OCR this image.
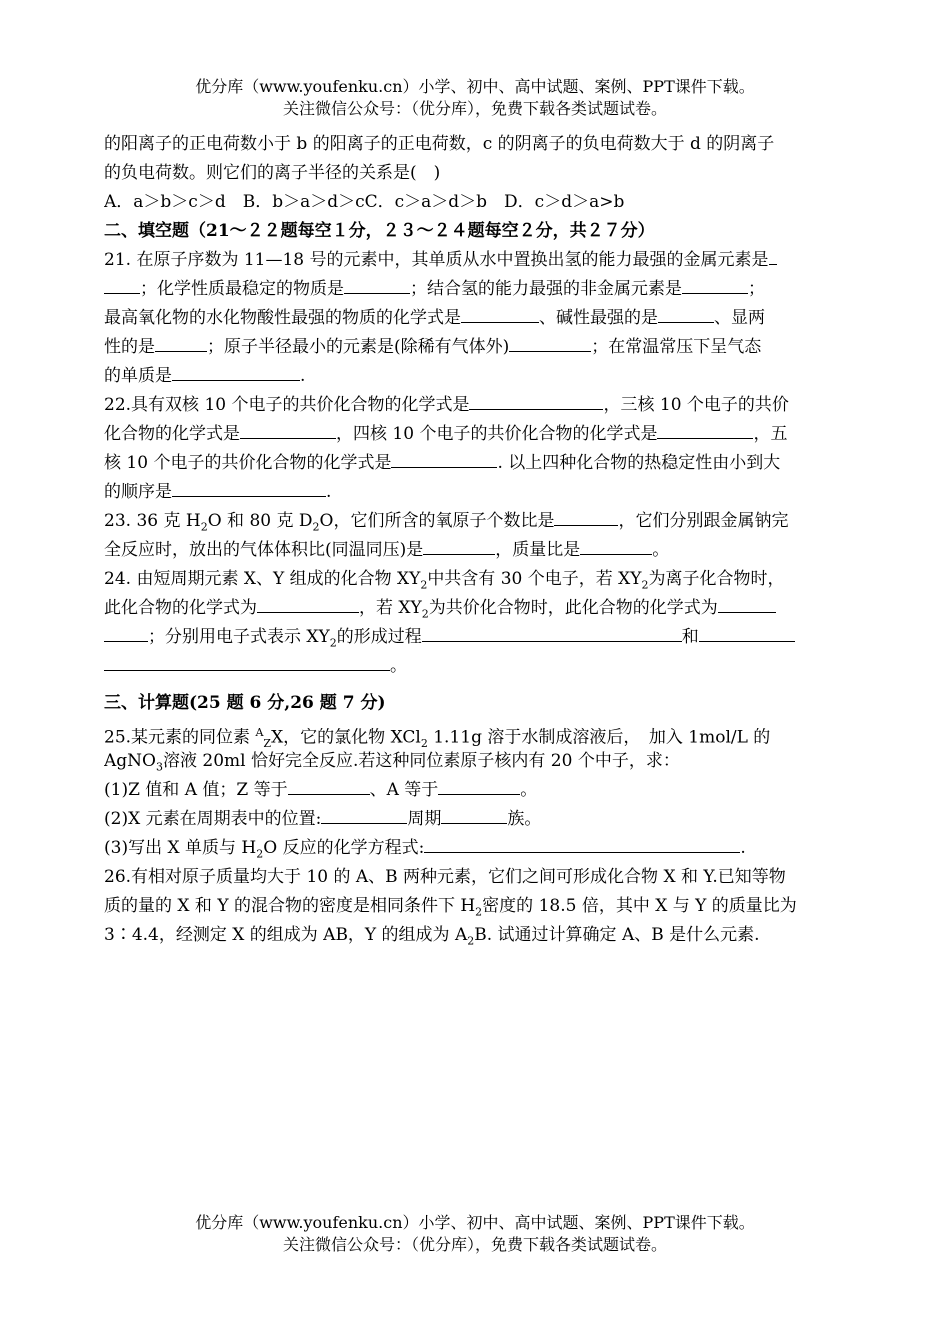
优分库（www.youfenku.cn）小学、初中、高中试题、案例、PPT课件下载。
关注微信公众号：（优分库），免费下载各类试题试卷。
的阳离子的正电荷数小于 b 的阳离子的正电荷数，c 的阴离子的负电荷数大于 d 的阴离子
的负电荷数。则它们的离子半径的关系是(　)
A．a＞b＞c＞d　B．b＞a＞d＞cC．c＞a＞d＞b　D．c＞d＞a>b
二、填空题（21～２２题每空１分，２３～２４题每空２分，共２７分）
21. 在原子序数为 11—18 号的元素中，其单质从水中置换出氢的能力最强的金属元素是
；化学性质最稳定的物质是	；结合氢的能力最强的非金属元素是	；
最高氧化物的水化物酸性最强的物质的化学式是	、碱性最强的是	、显两
性的是	；原子半径最小的元素是(除稀有气体外)	；在常温常压下呈气态
的单质是	.
22.具有双核 10 个电子的共价化合物的化学式是	，三核 10 个电子的共价
化合物的化学式是	，四核 10 个电子的共价化合物的化学式是	，五
核 10 个电子的共价化合物的化学式是	. 以上四种化合物的热稳定性由小到大
的顺序是	.
23. 36 克 $H_2O$ 和 80 克 $D_2O$，它们所含的氧原子个数比是	，它们分别跟金属钠完
全反应时，放出的气体体积比(同温同压)是	，质量比是	。
24. 由短周期元素 X、Y 组成的化合物 $XY_2$中共含有 30 个电子，若 $XY_2$为离子化合物时，
此化合物的化学式为	，若 $XY_2$为共价化合物时，此化合物的化学式为
；分别用电子式表示 $XY_2$的形成过程	和
。
三、计算题(25 题 6 分,26 题 7 分)
25.某元素的同位素 $^A_Z$X，它的氯化物 XCl$_2$ 1.11g 溶于水制成溶液后，　加入 1mol/L 的
AgNO$_3$溶液 20ml 恰好完全反应.若这种同位素原子核内有 20 个中子，求：
(1)Z 值和 A 值；Z 等于	、A 等于	。
(2)X 元素在周期表中的位置:	周期	族。
(3)写出 X 单质与 $H_2O$ 反应的化学方程式:	.
26.有相对原子质量均大于 10 的 A、B 两种元素，它们之间可形成化合物 X 和 Y.已知等物
质的量的 X 和 Y 的混合物的密度是相同条件下 $H_2$密度的 18.5 倍，其中 X 与 Y 的质量比为
3∶4.4，经测定 X 的组成为 AB，Y 的组成为 $A_2B$. 试通过计算确定 A、B 是什么元素.
优分库（www.youfenku.cn）小学、初中、高中试题、案例、PPT课件下载。
关注微信公众号：（优分库），免费下载各类试题试卷。
